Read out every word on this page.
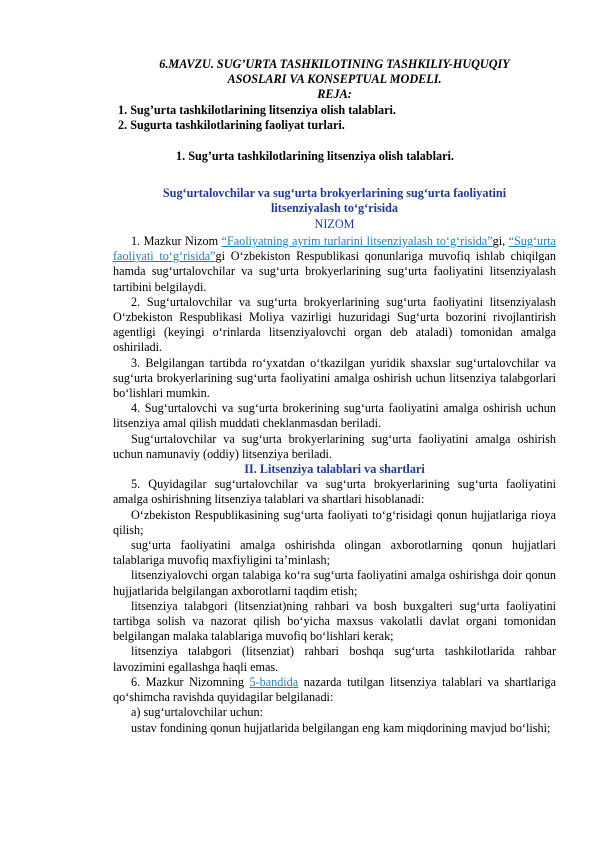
6.MAVZU. SUG’URTA TASHKILOTINING TASHKILIY-HUQUQIY
ASOSLARI VA KONSEPTUAL MODELI.
REJA:
1. Sug’urta tashkilotlarining litsenziya olish talablari.
2. Sugurta tashkilotlarining faoliyat turlari.
1. Sug’urta tashkilotlarining litsenziya olish talablari.
Sug‘urtalovchilar va sug‘urta brokyerlarining sug‘urta faoliyatini
litsenziyalash to‘g‘risida
NIZOM

1. Mazkur Nizom “Faoliyatning ayrim turlarini litsenziyalash to‘g‘risida”gi, “Sug‘urta faoliyati to‘g‘risida”gi O‘zbekiston Respublikasi qonunlariga muvofiq ishlab chiqilgan hamda sug‘urtalovchilar va sug‘urta brokyerlarining sug‘urta faoliyatini litsenziyalash tartibini belgilaydi.

2. Sug‘urtalovchilar va sug‘urta brokyerlarining sug‘urta faoliyatini litsenziyalash O‘zbekiston Respublikasi Moliya vazirligi huzuridagi Sug‘urta bozorini rivojlantirish agentligi (keyingi o‘rinlarda litsenziyalovchi organ deb ataladi) tomonidan amalga oshiriladi.

3. Belgilangan tartibda ro‘yxatdan o‘tkazilgan yuridik shaxslar sug‘urtalovchilar va sug‘urta brokyerlarining sug‘urta faoliyatini amalga oshirish uchun litsenziya talabgorlari bo‘lishlari mumkin.

4. Sug‘urtalovchi va sug‘urta brokerining sug‘urta faoliyatini amalga oshirish uchun litsenziya amal qilish muddati cheklanmasdan beriladi.

Sug‘urtalovchilar va sug‘urta brokyerlarining sug‘urta faoliyatini amalga oshirish uchun namunaviy (oddiy) litsenziya beriladi.

II. Litsenziya talablari va shartlari

5. Quyidagilar sug‘urtalovchilar va sug‘urta brokyerlarining sug‘urta faoliyatini amalga oshirishning litsenziya talablari va shartlari hisoblanadi:

O‘zbekiston Respublikasining sug‘urta faoliyati to‘g‘risidagi qonun hujjatlariga rioya qilish;

sug‘urta faoliyatini amalga oshirishda olingan axborotlarning qonun hujjatlari talablariga muvofiq maxfiyligini ta’minlash;

litsenziyalovchi organ talabiga ko‘ra sug‘urta faoliyatini amalga oshirishga doir qonun hujjatlarida belgilangan axborotlarni taqdim etish;

litsenziya talabgori (litsenziat)ning rahbari va bosh buxgalteri sug‘urta faoliyatini tartibga solish va nazorat qilish bo‘yicha maxsus vakolatli davlat organi tomonidan belgilangan malaka talablariga muvofiq bo‘lishlari kerak;

litsenziya talabgori (litsenziat) rahbari boshqa sug‘urta tashkilotlarida rahbar lavozimini egallashga haqli emas.

6. Mazkur Nizomning 5-bandida nazarda tutilgan litsenziya talablari va shartlariga qo‘shimcha ravishda quyidagilar belgilanadi:

a) sug‘urtalovchilar uchun:

ustav fondining qonun hujjatlarida belgilangan eng kam miqdorining mavjud bo‘lishi;
